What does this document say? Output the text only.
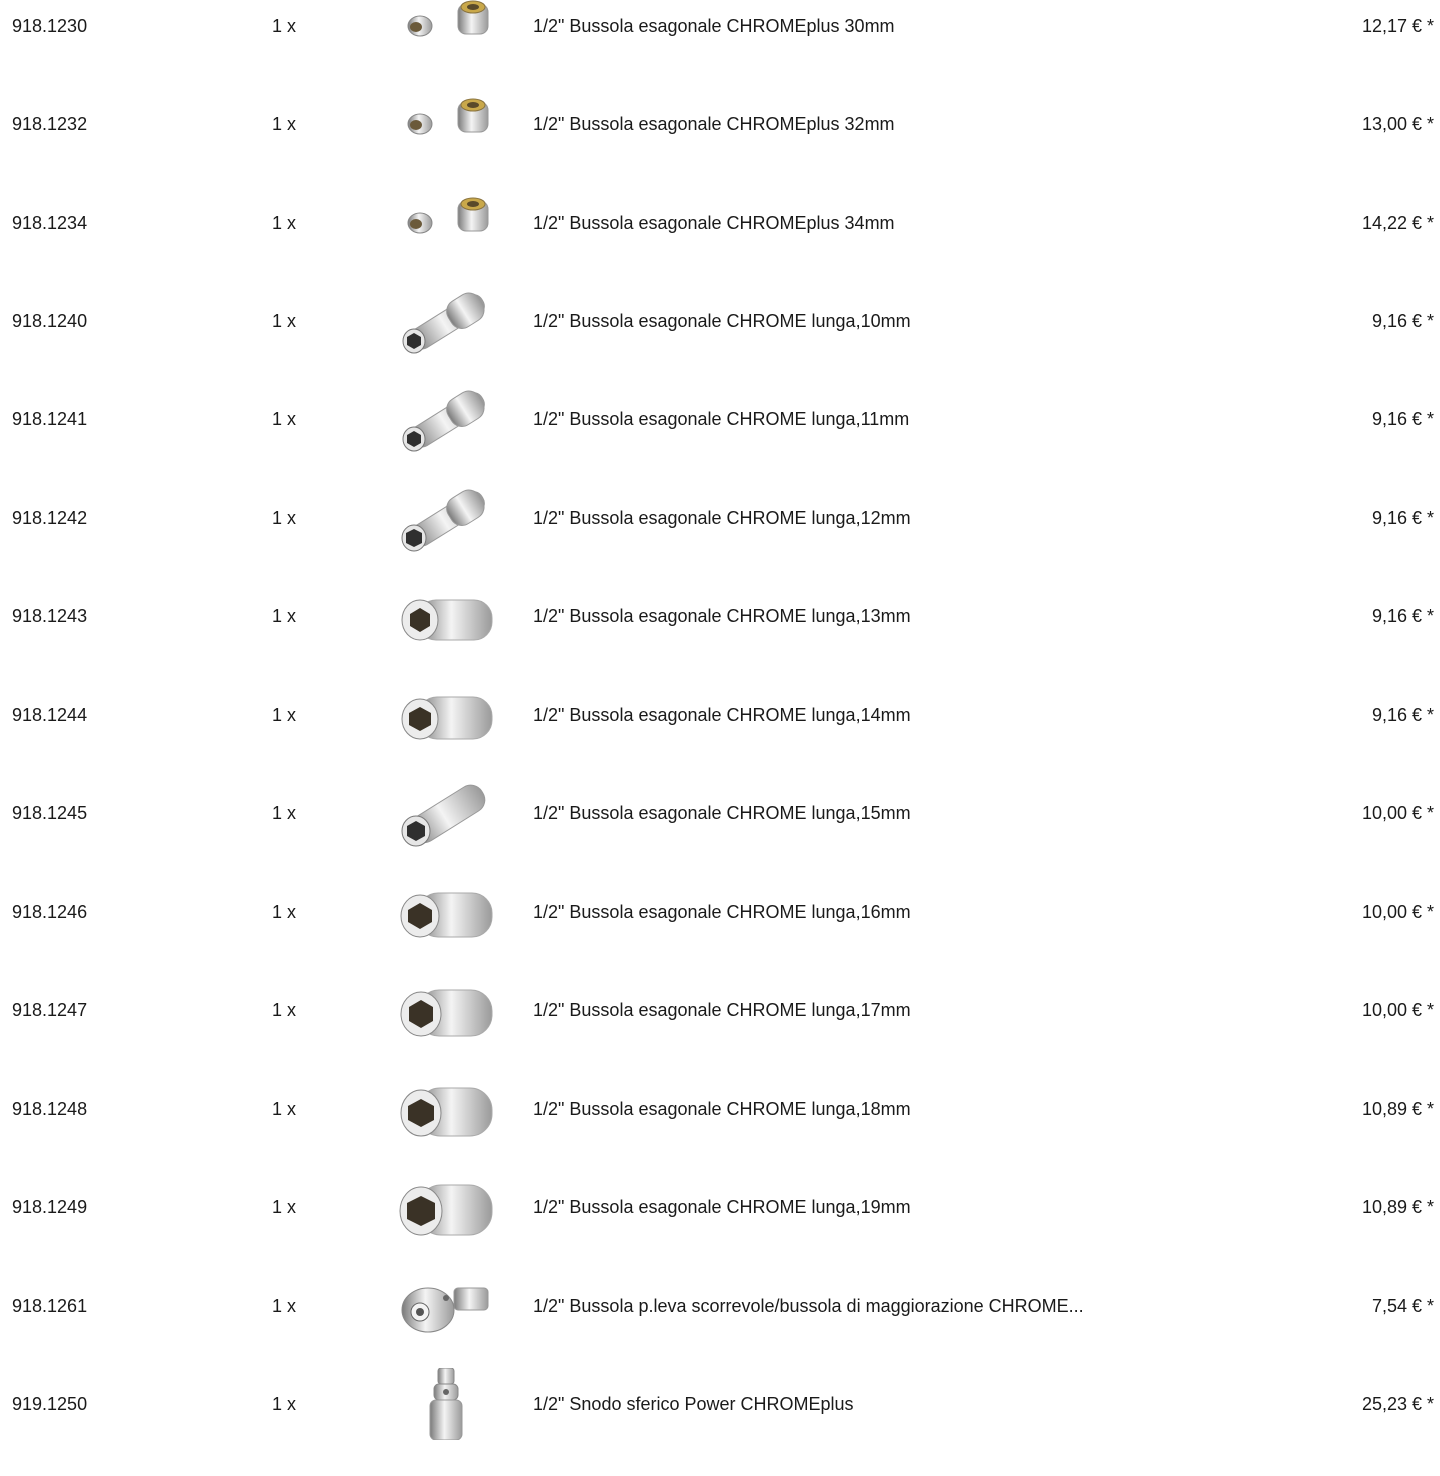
918.1230	1 x	1/2" Bussola esagonale CHROMEplus 30mm	12,17 € *
918.1232	1 x	1/2" Bussola esagonale CHROMEplus 32mm	13,00 € *
918.1234	1 x	1/2" Bussola esagonale CHROMEplus 34mm	14,22 € *
918.1240	1 x	1/2" Bussola esagonale CHROME lunga,10mm	9,16 € *
918.1241	1 x	1/2" Bussola esagonale CHROME lunga,11mm	9,16 € *
918.1242	1 x	1/2" Bussola esagonale CHROME lunga,12mm	9,16 € *
918.1243	1 x	1/2" Bussola esagonale CHROME lunga,13mm	9,16 € *
918.1244	1 x	1/2" Bussola esagonale CHROME lunga,14mm	9,16 € *
918.1245	1 x	1/2" Bussola esagonale CHROME lunga,15mm	10,00 € *
918.1246	1 x	1/2" Bussola esagonale CHROME lunga,16mm	10,00 € *
918.1247	1 x	1/2" Bussola esagonale CHROME lunga,17mm	10,00 € *
918.1248	1 x	1/2" Bussola esagonale CHROME lunga,18mm	10,89 € *
918.1249	1 x	1/2" Bussola esagonale CHROME lunga,19mm	10,89 € *
918.1261	1 x	1/2" Bussola p.leva scorrevole/bussola di maggiorazione CHROME...	7,54 € *
919.1250	1 x	1/2" Snodo sferico Power CHROMEplus	25,23 € *
